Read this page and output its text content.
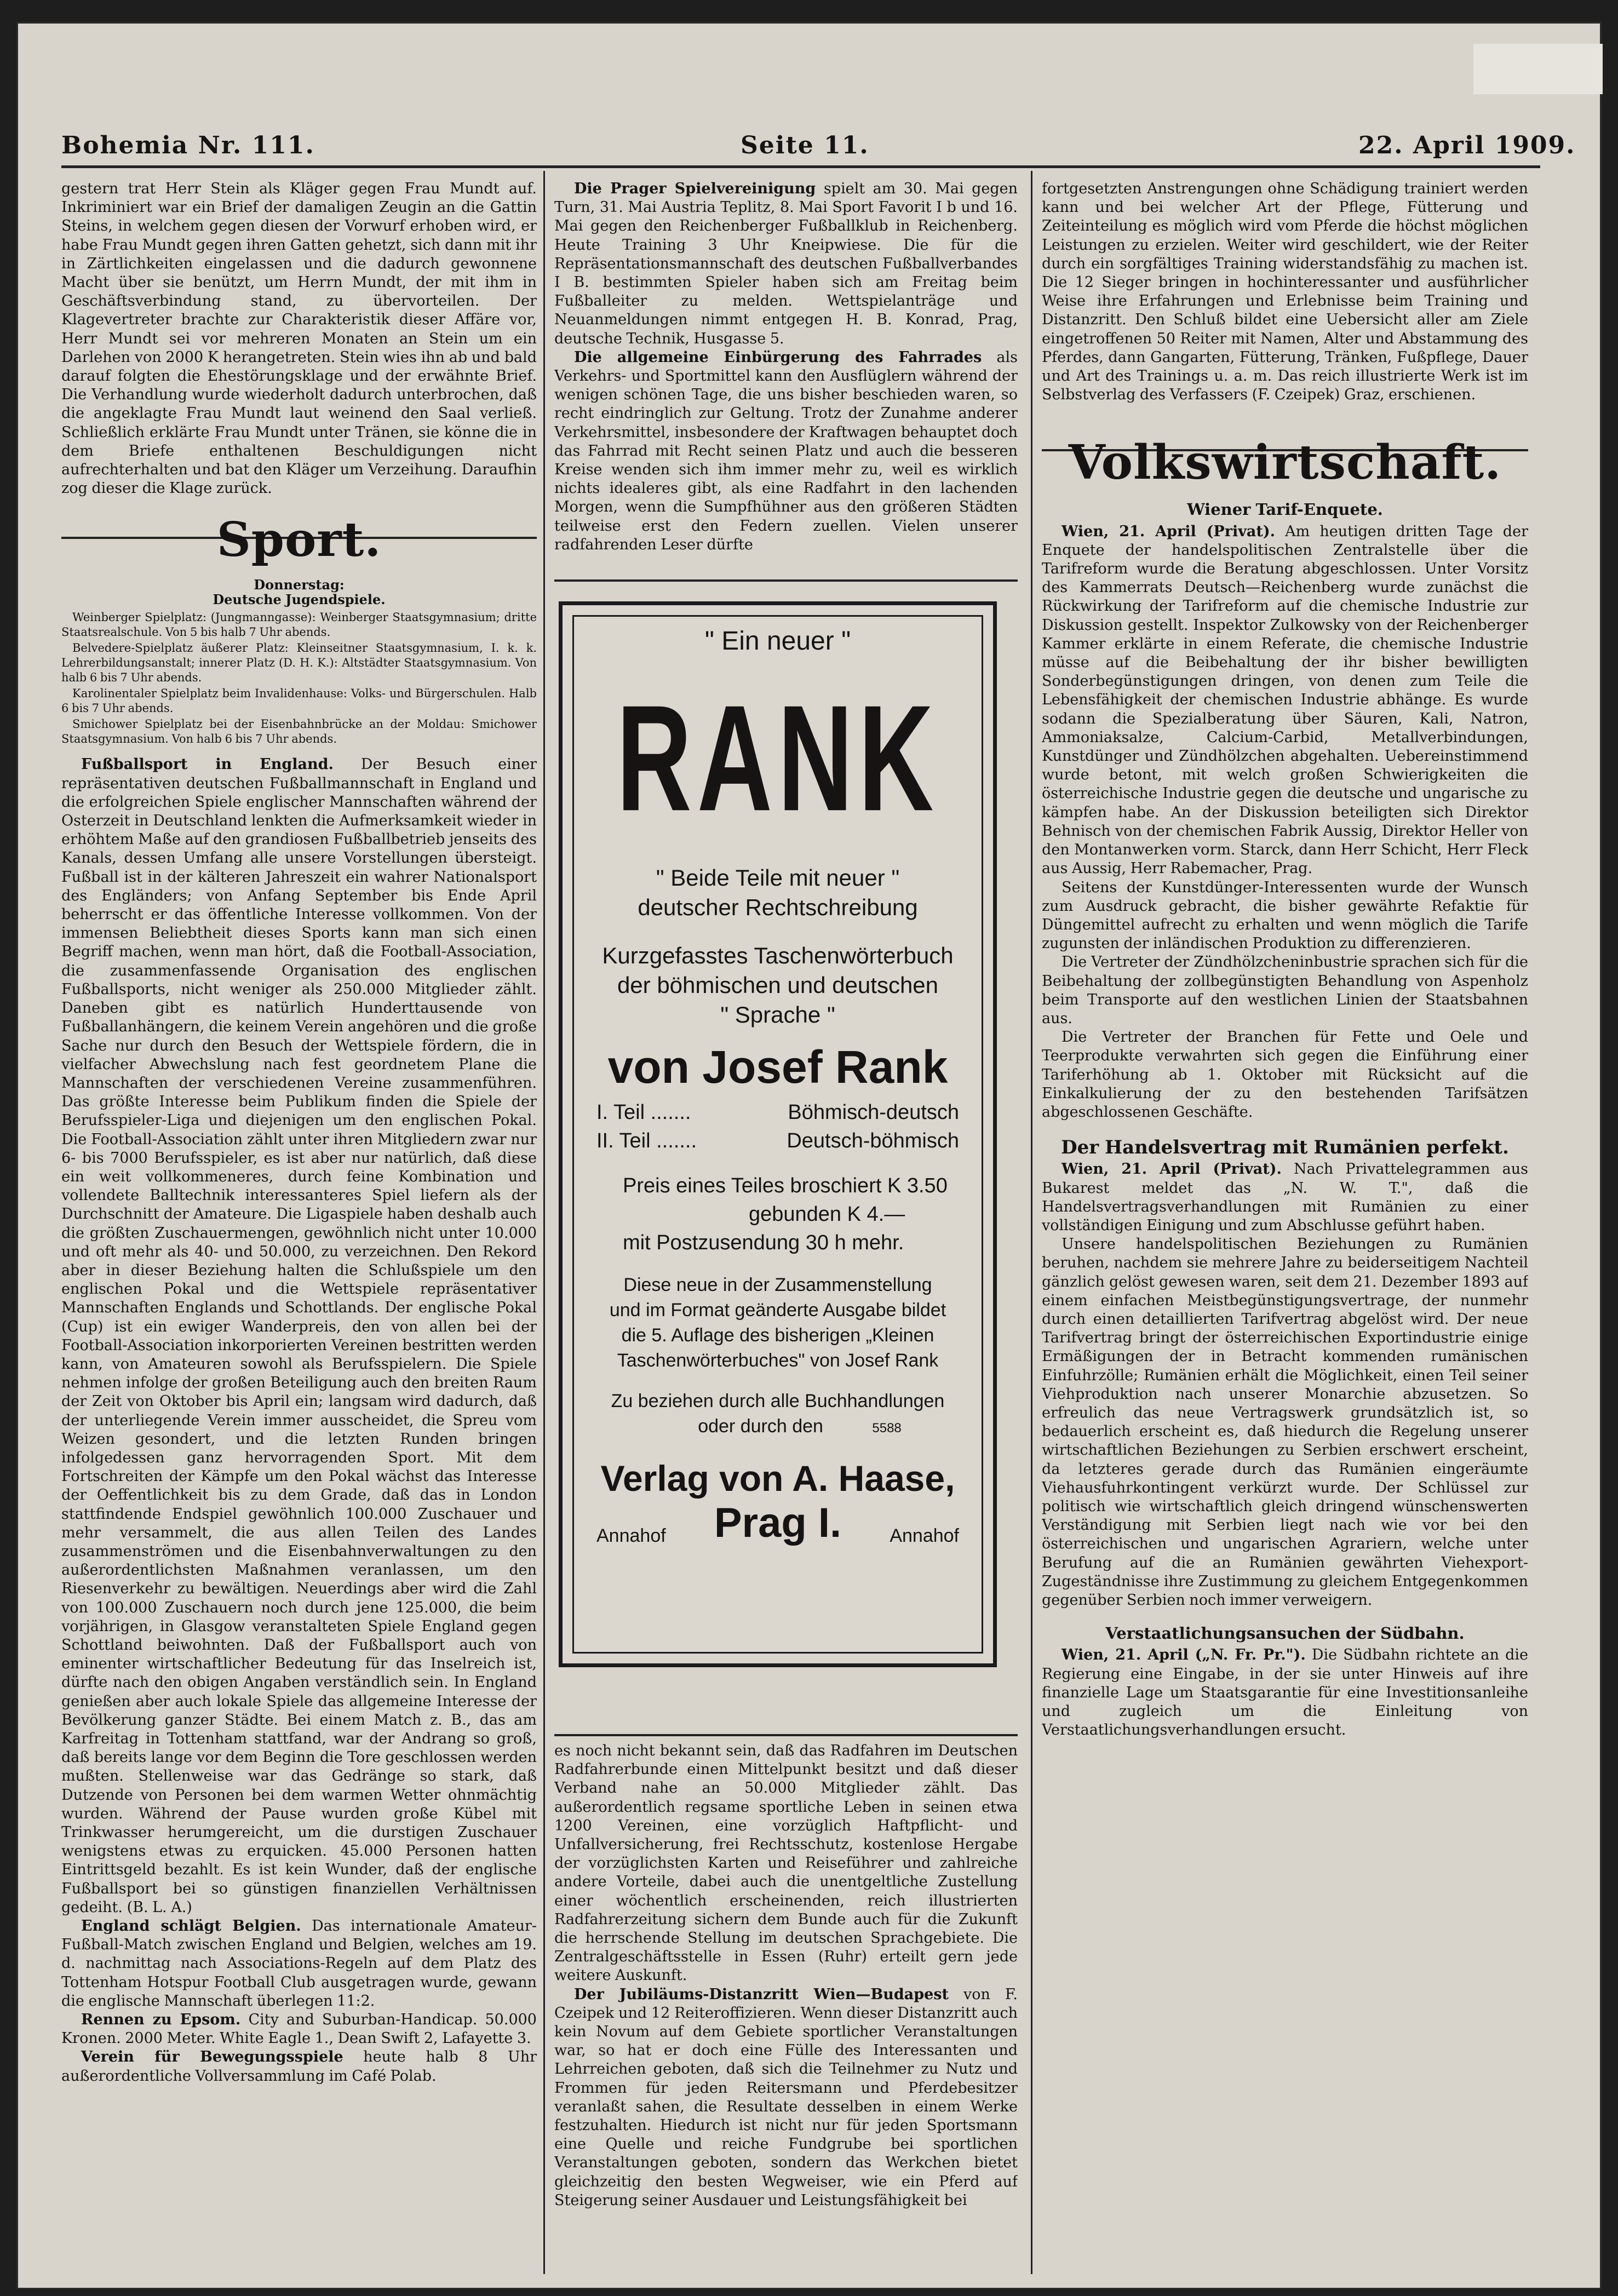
Bohemia Nr. 111.	Seite 11.	22. April 1909.

gestern trat Herr Stein als Kläger gegen Frau Mundt auf. Inkriminiert war ein Brief der damaligen Zeugin an die Gattin Steins, in welchem gegen diesen der Vorwurf erhoben wird, er habe Frau Mundt gegen ihren Gatten gehetzt, sich dann mit ihr in Zärtlichkeiten eingelassen und die dadurch gewonnene Macht über sie benützt, um Herrn Mundt, der mit ihm in Geschäftsverbindung stand, zu übervorteilen. Der Klagevertreter brachte zur Charakteristik dieser Affäre vor, Herr Mundt sei vor mehreren Monaten an Stein um ein Darlehen von 2000 K herangetreten. Stein wies ihn ab und bald darauf folgten die Ehestörungsklage und der erwähnte Brief. Die Verhandlung wurde wiederholt dadurch unterbrochen, daß die angeklagte Frau Mundt laut weinend den Saal verließ. Schließlich erklärte Frau Mundt unter Tränen, sie könne die in dem Briefe enthaltenen Beschuldigungen nicht aufrechterhalten und bat den Kläger um Verzeihung. Daraufhin zog dieser die Klage zurück.

Sport.
Donnerstag:
Deutsche Jugendspiele.

Weinberger Spielplatz: (Jungmanngasse): Weinberger Staatsgymnasium; dritte Staatsrealschule. Von 5 bis halb 7 Uhr abends.

Belvedere-Spielplatz äußerer Platz: Kleinseitner Staatsgymnasium, I. k. k. Lehrerbildungsanstalt; innerer Platz (D. H. K.): Altstädter Staatsgymnasium. Von halb 6 bis 7 Uhr abends.

Karolinentaler Spielplatz beim Invalidenhause: Volks- und Bürgerschulen. Halb 6 bis 7 Uhr abends.

Smichower Spielplatz bei der Eisenbahnbrücke an der Moldau: Smichower Staatsgymnasium. Von halb 6 bis 7 Uhr abends.

Fußballsport in England. Der Besuch einer repräsentativen deutschen Fußballmannschaft in England und die erfolgreichen Spiele englischer Mannschaften während der Osterzeit in Deutschland lenkten die Aufmerksamkeit wieder in erhöhtem Maße auf den grandiosen Fußballbetrieb jenseits des Kanals, dessen Umfang alle unsere Vorstellungen übersteigt. Fußball ist in der kälteren Jahreszeit ein wahrer Nationalsport des Engländers; von Anfang September bis Ende April beherrscht er das öffentliche Interesse vollkommen. Von der immensen Beliebtheit dieses Sports kann man sich einen Begriff machen, wenn man hört, daß die Football-Association, die zusammenfassende Organisation des englischen Fußballsports, nicht weniger als 250.000 Mitglieder zählt. Daneben gibt es natürlich Hunderttausende von Fußballanhängern, die keinem Verein angehören und die große Sache nur durch den Besuch der Wettspiele fördern, die in vielfacher Abwechslung nach fest geordnetem Plane die Mannschaften der verschiedenen Vereine zusammenführen. Das größte Interesse beim Publikum finden die Spiele der Berufsspieler-Liga und diejenigen um den englischen Pokal. Die Football-Association zählt unter ihren Mitgliedern zwar nur 6- bis 7000 Berufsspieler, es ist aber nur natürlich, daß diese ein weit vollkommeneres, durch feine Kombination und vollendete Balltechnik interessanteres Spiel liefern als der Durchschnitt der Amateure. Die Ligaspiele haben deshalb auch die größten Zuschauermengen, gewöhnlich nicht unter 10.000 und oft mehr als 40- und 50.000, zu verzeichnen. Den Rekord aber in dieser Beziehung halten die Schlußspiele um den englischen Pokal und die Wettspiele repräsentativer Mannschaften Englands und Schottlands. Der englische Pokal (Cup) ist ein ewiger Wanderpreis, den von allen bei der Football-Association inkorporierten Vereinen bestritten werden kann, von Amateuren sowohl als Berufsspielern. Die Spiele nehmen infolge der großen Beteiligung auch den breiten Raum der Zeit von Oktober bis April ein; langsam wird dadurch, daß der unterliegende Verein immer ausscheidet, die Spreu vom Weizen gesondert, und die letzten Runden bringen infolgedessen ganz hervorragenden Sport. Mit dem Fortschreiten der Kämpfe um den Pokal wächst das Interesse der Oeffentlichkeit bis zu dem Grade, daß das in London stattfindende Endspiel gewöhnlich 100.000 Zuschauer und mehr versammelt, die aus allen Teilen des Landes zusammenströmen und die Eisenbahnverwaltungen zu den außerordentlichsten Maßnahmen veranlassen, um den Riesenverkehr zu bewältigen. Neuerdings aber wird die Zahl von 100.000 Zuschauern noch durch jene 125.000, die beim vorjährigen, in Glasgow veranstalteten Spiele England gegen Schottland beiwohnten. Daß der Fußballsport auch von eminenter wirtschaftlicher Bedeutung für das Inselreich ist, dürfte nach den obigen Angaben verständlich sein. In England genießen aber auch lokale Spiele das allgemeine Interesse der Bevölkerung ganzer Städte. Bei einem Match z. B., das am Karfreitag in Tottenham stattfand, war der Andrang so groß, daß bereits lange vor dem Beginn die Tore geschlossen werden mußten. Stellenweise war das Gedränge so stark, daß Dutzende von Personen bei dem warmen Wetter ohnmächtig wurden. Während der Pause wurden große Kübel mit Trinkwasser herumgereicht, um die durstigen Zuschauer wenigstens etwas zu erquicken. 45.000 Personen hatten Eintrittsgeld bezahlt. Es ist kein Wunder, daß der englische Fußballsport bei so günstigen finanziellen Verhältnissen gedeiht. (B. L. A.)

England schlägt Belgien. Das internationale Amateur-Fußball-Match zwischen England und Belgien, welches am 19. d. nachmittag nach Associations-Regeln auf dem Platz des Tottenham Hotspur Football Club ausgetragen wurde, gewann die englische Mannschaft überlegen 11:2.

Rennen zu Epsom. City and Suburban-Handicap. 50.000 Kronen. 2000 Meter. White Eagle 1., Dean Swift 2, Lafayette 3.

Verein für Bewegungsspiele heute halb 8 Uhr außerordentliche Vollversammlung im Café Polab.

Die Prager Spielvereinigung spielt am 30. Mai gegen Turn, 31. Mai Austria Teplitz, 8. Mai Sport Favorit I b und 16. Mai gegen den Reichenberger Fußballklub in Reichenberg. Heute Training 3 Uhr Kneipwiese. Die für die Repräsentationsmannschaft des deutschen Fußballverbandes I B. bestimmten Spieler haben sich am Freitag beim Fußballeiter zu melden. Wettspielanträge und Neuanmeldungen nimmt entgegen H. B. Konrad, Prag, deutsche Technik, Husgasse 5.

Die allgemeine Einbürgerung des Fahrrades als Verkehrs- und Sportmittel kann den Ausflüglern während der wenigen schönen Tage, die uns bisher beschieden waren, so recht eindringlich zur Geltung. Trotz der Zunahme anderer Verkehrsmittel, insbesondere der Kraftwagen behauptet doch das Fahrrad mit Recht seinen Platz und auch die besseren Kreise wenden sich ihm immer mehr zu, weil es wirklich nichts idealeres gibt, als eine Radfahrt in den lachenden Morgen, wenn die Sumpfhühner aus den größeren Städten teilweise erst den Federn zuellen. Vielen unserer radfahrenden Leser dürfte

" Ein neuer "
RANK

" Beide Teile mit neuer "

deutscher Rechtschreibung

Kurzgefasstes Taschenwörterbuch

der böhmischen und deutschen

" Sprache "

von Josef Rank
I. Teil .......	Böhmisch-deutsch
II. Teil .......	Deutsch-böhmisch
Preis eines Teiles broschiert K 3.50
gebunden K 4.—
mit Postzusendung 30 h mehr.
Diese neue in der Zusammenstellung
und im Format geänderte Ausgabe bildet
die 5. Auflage des bisherigen „Kleinen
Taschenwörterbuches" von Josef Rank
Zu beziehen durch alle Buchhandlungen
oder durch den	5588
Verlag von A. Haase,
Annahof Prag I.	Annahof

es noch nicht bekannt sein, daß das Radfahren im Deutschen Radfahrerbunde einen Mittelpunkt besitzt und daß dieser Verband nahe an 50.000 Mitglieder zählt. Das außerordentlich regsame sportliche Leben in seinen etwa 1200 Vereinen, eine vorzüglich Haftpflicht- und Unfallversicherung, frei Rechtsschutz, kostenlose Hergabe der vorzüglichsten Karten und Reiseführer und zahlreiche andere Vorteile, dabei auch die unentgeltliche Zustellung einer wöchentlich erscheinenden, reich illustrierten Radfahrerzeitung sichern dem Bunde auch für die Zukunft die herrschende Stellung im deutschen Sprachgebiete. Die Zentralgeschäftsstelle in Essen (Ruhr) erteilt gern jede weitere Auskunft.

Der Jubiläums-Distanzritt Wien—Budapest von F. Czeipek und 12 Reiteroffizieren. Wenn dieser Distanzritt auch kein Novum auf dem Gebiete sportlicher Veranstaltungen war, so hat er doch eine Fülle des Interessanten und Lehrreichen geboten, daß sich die Teilnehmer zu Nutz und Frommen für jeden Reitersmann und Pferdebesitzer veranlaßt sahen, die Resultate desselben in einem Werke festzuhalten. Hiedurch ist nicht nur für jeden Sportsmann eine Quelle und reiche Fundgrube bei sportlichen Veranstaltungen geboten, sondern das Werkchen bietet gleichzeitig den besten Wegweiser, wie ein Pferd auf Steigerung seiner Ausdauer und Leistungsfähigkeit bei

fortgesetzten Anstrengungen ohne Schädigung trainiert werden kann und bei welcher Art der Pflege, Fütterung und Zeiteinteilung es möglich wird vom Pferde die höchst möglichen Leistungen zu erzielen. Weiter wird geschildert, wie der Reiter durch ein sorgfältiges Training widerstandsfähig zu machen ist. Die 12 Sieger bringen in hochinteressanter und ausführlicher Weise ihre Erfahrungen und Erlebnisse beim Training und Distanzritt. Den Schluß bildet eine Uebersicht aller am Ziele eingetroffenen 50 Reiter mit Namen, Alter und Abstammung des Pferdes, dann Gangarten, Fütterung, Tränken, Fußpflege, Dauer und Art des Trainings u. a. m. Das reich illustrierte Werk ist im Selbstverlag des Verfassers (F. Czeipek) Graz, erschienen.

Volkswirtschaft.
Wiener Tarif-Enquete.

Wien, 21. April (Privat). Am heutigen dritten Tage der Enquete der handelspolitischen Zentralstelle über die Tarifreform wurde die Beratung abgeschlossen. Unter Vorsitz des Kammerrats Deutsch—Reichenberg wurde zunächst die Rückwirkung der Tarifreform auf die chemische Industrie zur Diskussion gestellt. Inspektor Zulkowsky von der Reichenberger Kammer erklärte in einem Referate, die chemische Industrie müsse auf die Beibehaltung der ihr bisher bewilligten Sonderbegünstigungen dringen, von denen zum Teile die Lebensfähigkeit der chemischen Industrie abhänge. Es wurde sodann die Spezialberatung über Säuren, Kali, Natron, Ammoniaksalze, Calcium-Carbid, Metallverbindungen, Kunstdünger und Zündhölzchen abgehalten. Uebereinstimmend wurde betont, mit welch großen Schwierigkeiten die österreichische Industrie gegen die deutsche und ungarische zu kämpfen habe. An der Diskussion beteiligten sich Direktor Behnisch von der chemischen Fabrik Aussig, Direktor Heller von den Montanwerken vorm. Starck, dann Herr Schicht, Herr Fleck aus Aussig, Herr Rabemacher, Prag.

Seitens der Kunstdünger-Interessenten wurde der Wunsch zum Ausdruck gebracht, die bisher gewährte Refaktie für Düngemittel aufrecht zu erhalten und wenn möglich die Tarife zugunsten der inländischen Produktion zu differenzieren.

Die Vertreter der Zündhölzcheninbustrie sprachen sich für die Beibehaltung der zollbegünstigten Behandlung von Aspenholz beim Transporte auf den westlichen Linien der Staatsbahnen aus.

Die Vertreter der Branchen für Fette und Oele und Teerprodukte verwahrten sich gegen die Einführung einer Tariferhöhung ab 1. Oktober mit Rücksicht auf die Einkalkulierung der zu den bestehenden Tarifsätzen abgeschlossenen Geschäfte.

Der Handelsvertrag mit Rumänien perfekt.

Wien, 21. April (Privat). Nach Privattelegrammen aus Bukarest meldet das „N. W. T.", daß die Handelsvertragsverhandlungen mit Rumänien zu einer vollständigen Einigung und zum Abschlusse geführt haben.

Unsere handelspolitischen Beziehungen zu Rumänien beruhen, nachdem sie mehrere Jahre zu beiderseitigem Nachteil gänzlich gelöst gewesen waren, seit dem 21. Dezember 1893 auf einem einfachen Meistbegünstigungsvertrage, der nunmehr durch einen detaillierten Tarifvertrag abgelöst wird. Der neue Tarifvertrag bringt der österreichischen Exportindustrie einige Ermäßigungen der in Betracht kommenden rumänischen Einfuhrzölle; Rumänien erhält die Möglichkeit, einen Teil seiner Viehproduktion nach unserer Monarchie abzusetzen. So erfreulich das neue Vertragswerk grundsätzlich ist, so bedauerlich erscheint es, daß hiedurch die Regelung unserer wirtschaftlichen Beziehungen zu Serbien erschwert erscheint, da letzteres gerade durch das Rumänien eingeräumte Viehausfuhrkontingent verkürzt wurde. Der Schlüssel zur politisch wie wirtschaftlich gleich dringend wünschenswerten Verständigung mit Serbien liegt nach wie vor bei den österreichischen und ungarischen Agrariern, welche unter Berufung auf die an Rumänien gewährten Viehexport-Zugeständnisse ihre Zustimmung zu gleichem Entgegenkommen gegenüber Serbien noch immer verweigern.

Verstaatlichungsansuchen der Südbahn.

Wien, 21. April („N. Fr. Pr."). Die Südbahn richtete an die Regierung eine Eingabe, in der sie unter Hinweis auf ihre finanzielle Lage um Staatsgarantie für eine Investitionsanleihe und zugleich um die Einleitung von Verstaatlichungsverhandlungen ersucht.
